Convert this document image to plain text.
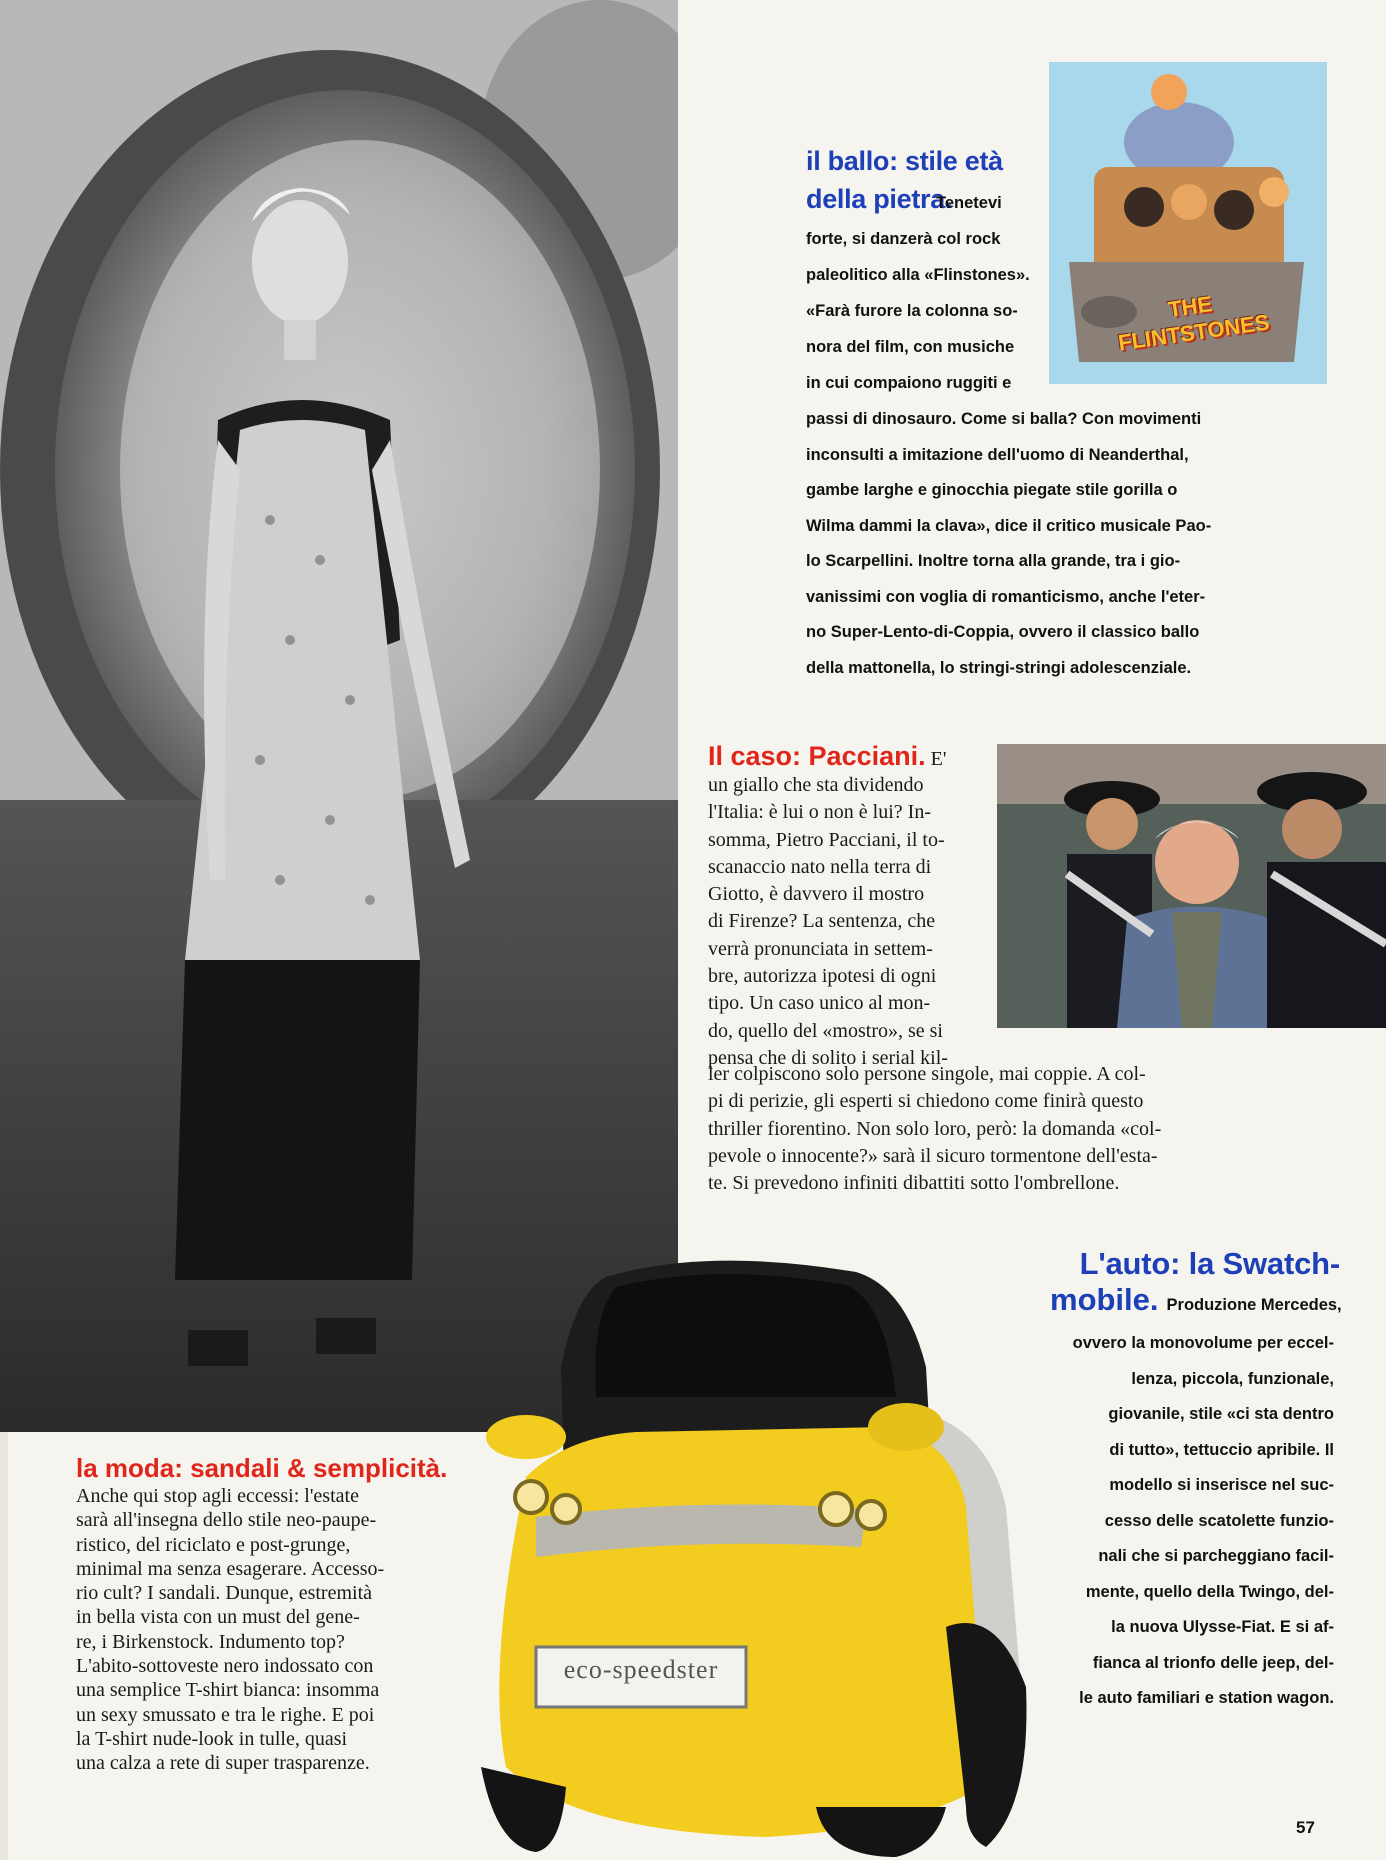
THE FLINTSTONES
il ballo: stile età della pietra.
Tenetevi
forte, si danzerà col rock
paleolitico alla «Flinstones».
«Farà furore la colonna so-
nora del film, con musiche
in cui compaiono ruggiti e
passi di dinosauro. Come si balla? Con movimenti
inconsulti a imitazione dell'uomo di Neanderthal,
gambe larghe e ginocchia piegate stile gorilla o
Wilma dammi la clava», dice il critico musicale Pao-
lo Scarpellini. Inoltre torna alla grande, tra i gio-
vanissimi con voglia di romanticismo, anche l'eter-
no Super-Lento-di-Coppia, ovvero il classico ballo
della mattonella, lo stringi-stringi adolescenziale.
Il caso: Pacciani. E'
un giallo che sta dividendo
l'Italia: è lui o non è lui? In-
somma, Pietro Pacciani, il to-
scanaccio nato nella terra di
Giotto, è davvero il mostro
di Firenze? La sentenza, che
verrà pronunciata in settem-
bre, autorizza ipotesi di ogni
tipo. Un caso unico al mon-
do, quello del «mostro», se si
pensa che di solito i serial kil-
ler colpiscono solo persone singole, mai coppie. A col-
pi di perizie, gli esperti si chiedono come finirà questo
thriller fiorentino. Non solo loro, però: la domanda «col-
pevole o innocente?» sarà il sicuro tormentone dell'esta-
te. Si prevedono infiniti dibattiti sotto l'ombrellone.
eco-speedster
L'auto: la Swatch-
mobile. Produzione Mercedes,
ovvero la monovolume per eccel-
lenza, piccola, funzionale,
giovanile, stile «ci sta dentro
di tutto», tettuccio apribile. Il
modello si inserisce nel suc-
cesso delle scatolette funzio-
nali che si parcheggiano facil-
mente, quello della Twingo, del-
la nuova Ulysse-Fiat. E si af-
fianca al trionfo delle jeep, del-
le auto familiari e station wagon.
la moda: sandali & semplicità.
Anche qui stop agli eccessi: l'estate
sarà all'insegna dello stile neo-paupe-
ristico, del riciclato e post-grunge,
minimal ma senza esagerare. Accesso-
rio cult? I sandali. Dunque, estremità
in bella vista con un must del gene-
re, i Birkenstock. Indumento top?
L'abito-sottoveste nero indossato con
una semplice T-shirt bianca: insomma
un sexy smussato e tra le righe. E poi
la T-shirt nude-look in tulle, quasi
una calza a rete di super trasparenze.
57
